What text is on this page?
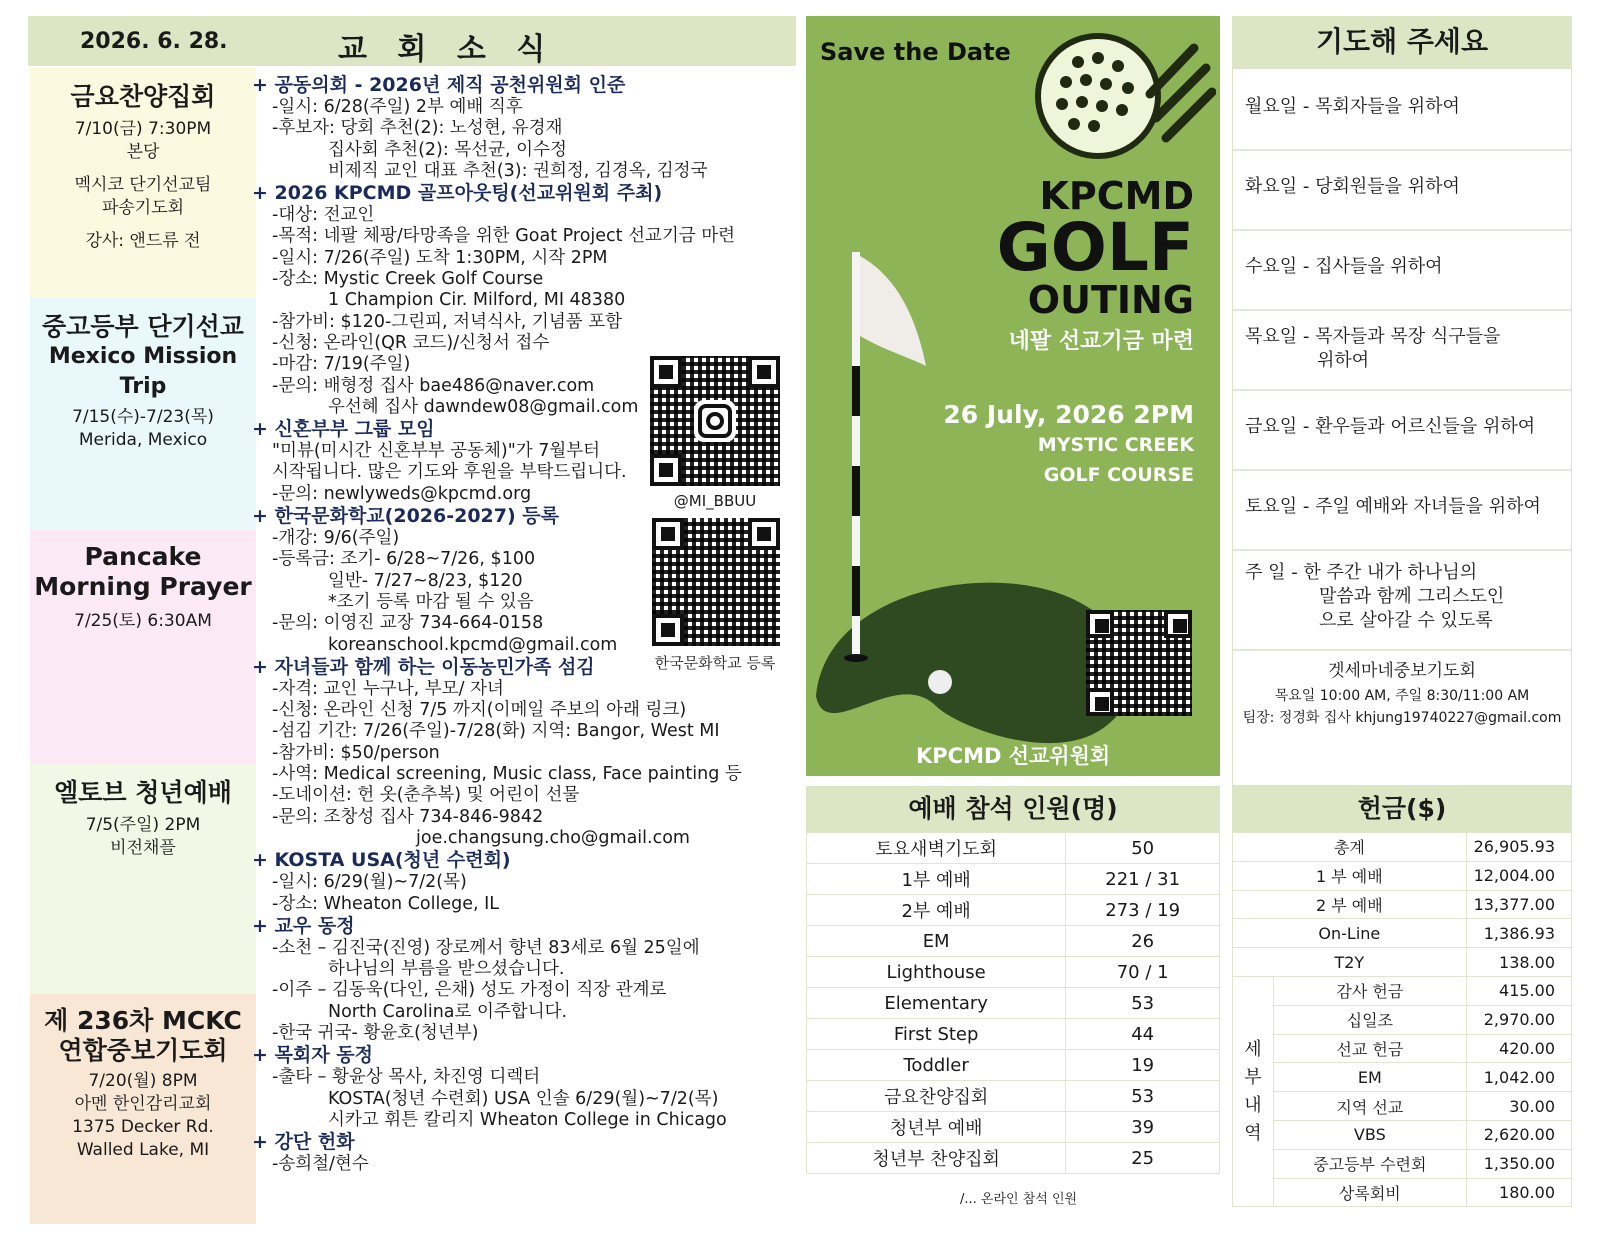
2026. 6. 28.	교 회 소 식
금요찬양집회
7/10(금) 7:30PM
본당
멕시코 단기선교팀
파송기도회
강사: 앤드류 전
중고등부 단기선교
Mexico Mission Trip
7/15(수)-7/23(목)
Merida, Mexico
Pancake
Morning Prayer
7/25(토) 6:30AM
엘토브 청년예배
7/5(주일) 2PM
비전채플
제 236차 MCKC
연합중보기도회
7/20(월) 8PM
아멘 한인감리교회
1375 Decker Rd.
Walled Lake, MI
+ 공동의회 - 2026년 제직 공천위원회 인준
-일시: 6/28(주일) 2부 예배 직후
-후보자: 당회 추천(2): 노성현, 유경재
집사회 추천(2): 목선균, 이수정
비제직 교인 대표 추천(3): 권희정, 김경옥, 김정국
+ 2026 KPCMD 골프아웃팅(선교위원회 주최)
-대상: 전교인
-목적: 네팔 체팡/타망족을 위한 Goat Project 선교기금 마련
-일시: 7/26(주일) 도착 1:30PM, 시작 2PM
-장소: Mystic Creek Golf Course
1 Champion Cir. Milford, MI 48380
-참가비: $120-그린피, 저녁식사, 기념품 포함
-신청: 온라인(QR 코드)/신청서 접수
-마감: 7/19(주일)
-문의: 배형정 집사 bae486@naver.com
우선혜 집사 dawndew08@gmail.com
+ 신혼부부 그룹 모임
"미뷰(미시간 신혼부부 공동체)"가 7월부터
시작됩니다. 많은 기도와 후원을 부탁드립니다.
-문의: newlyweds@kpcmd.org
+ 한국문화학교(2026-2027) 등록
-개강: 9/6(주일)
-등록금: 조기- 6/28~7/26, $100
일반- 7/27~8/23, $120
*조기 등록 마감 될 수 있음
-문의: 이영진 교장 734-664-0158
koreanschool.kpcmd@gmail.com
+ 자녀들과 함께 하는 이동농민가족 섬김
-자격: 교인 누구나, 부모/ 자녀
-신청: 온라인 신청 7/5 까지(이메일 주보의 아래 링크)
-섬김 기간: 7/26(주일)-7/28(화) 지역: Bangor, West MI
-참가비: $50/person
-사역: Medical screening, Music class, Face painting 등
-도네이션: 헌 옷(춘추복) 및 어린이 선물
-문의: 조창성 집사 734-846-9842
joe.changsung.cho@gmail.com
+ KOSTA USA(청년 수련회)
-일시: 6/29(월)~7/2(목)
-장소: Wheaton College, IL
+ 교우 동정
-소천 – 김진국(진영) 장로께서 향년 83세로 6월 25일에
하나님의 부름을 받으셨습니다.
-이주 – 김동욱(다인, 은채) 성도 가정이 직장 관계로
North Carolina로 이주합니다.
-한국 귀국- 황윤호(청년부)
+ 목회자 동정
-출타 – 황윤상 목사, 차진영 디렉터
KOSTA(청년 수련회) USA 인솔 6/29(월)~7/2(목)
시카고 휘튼 칼리지 Wheaton College in Chicago
+ 강단 헌화
-송희철/현수
@MI_BBUU
한국문화학교 등록
Save the Date
KPCMD
GOLF
OUTING
네팔 선교기금 마련
26 July, 2026 2PM
MYSTIC CREEK
GOLF COURSE
KPCMD 선교위원회
기도해 주세요
월요일 - 목회자들을 위하여
화요일 - 당회원들을 위하여
수요일 - 집사들을 위하여
목요일 - 목자들과 목장 식구들을
위하여
금요일 - 환우들과 어르신들을 위하여
토요일 - 주일 예배와 자녀들을 위하여
주 일 - 한 주간 내가 하나님의
말씀과 함께 그리스도인
으로 살아갈 수 있도록
겟세마네중보기도회
목요일 10:00 AM, 주일 8:30/11:00 AM
팀장: 정경화 집사 khjung19740227@gmail.com
예배 참석 인원(명)
토요새벽기도회	50
1부 예배	221 / 31
2부 예배	273 / 19
EM	26
Lighthouse	70 / 1
Elementary	53
First Step	44
Toddler	19
금요찬양집회	53
청년부 예배	39
청년부 찬양집회	25
/... 온라인 참석 인원
헌금($)
총계		26,905.93
1 부 예배		12,004.00
2 부 예배		13,377.00
On-Line		1,386.93
T2Y		138.00

세
부
내
역	감사 헌금	415.00
	십일조	2,970.00
	선교 헌금	420.00
	EM	1,042.00
	지역 선교	30.00
	VBS	2,620.00
	중고등부 수련회	1,350.00
	상록회비	180.00
